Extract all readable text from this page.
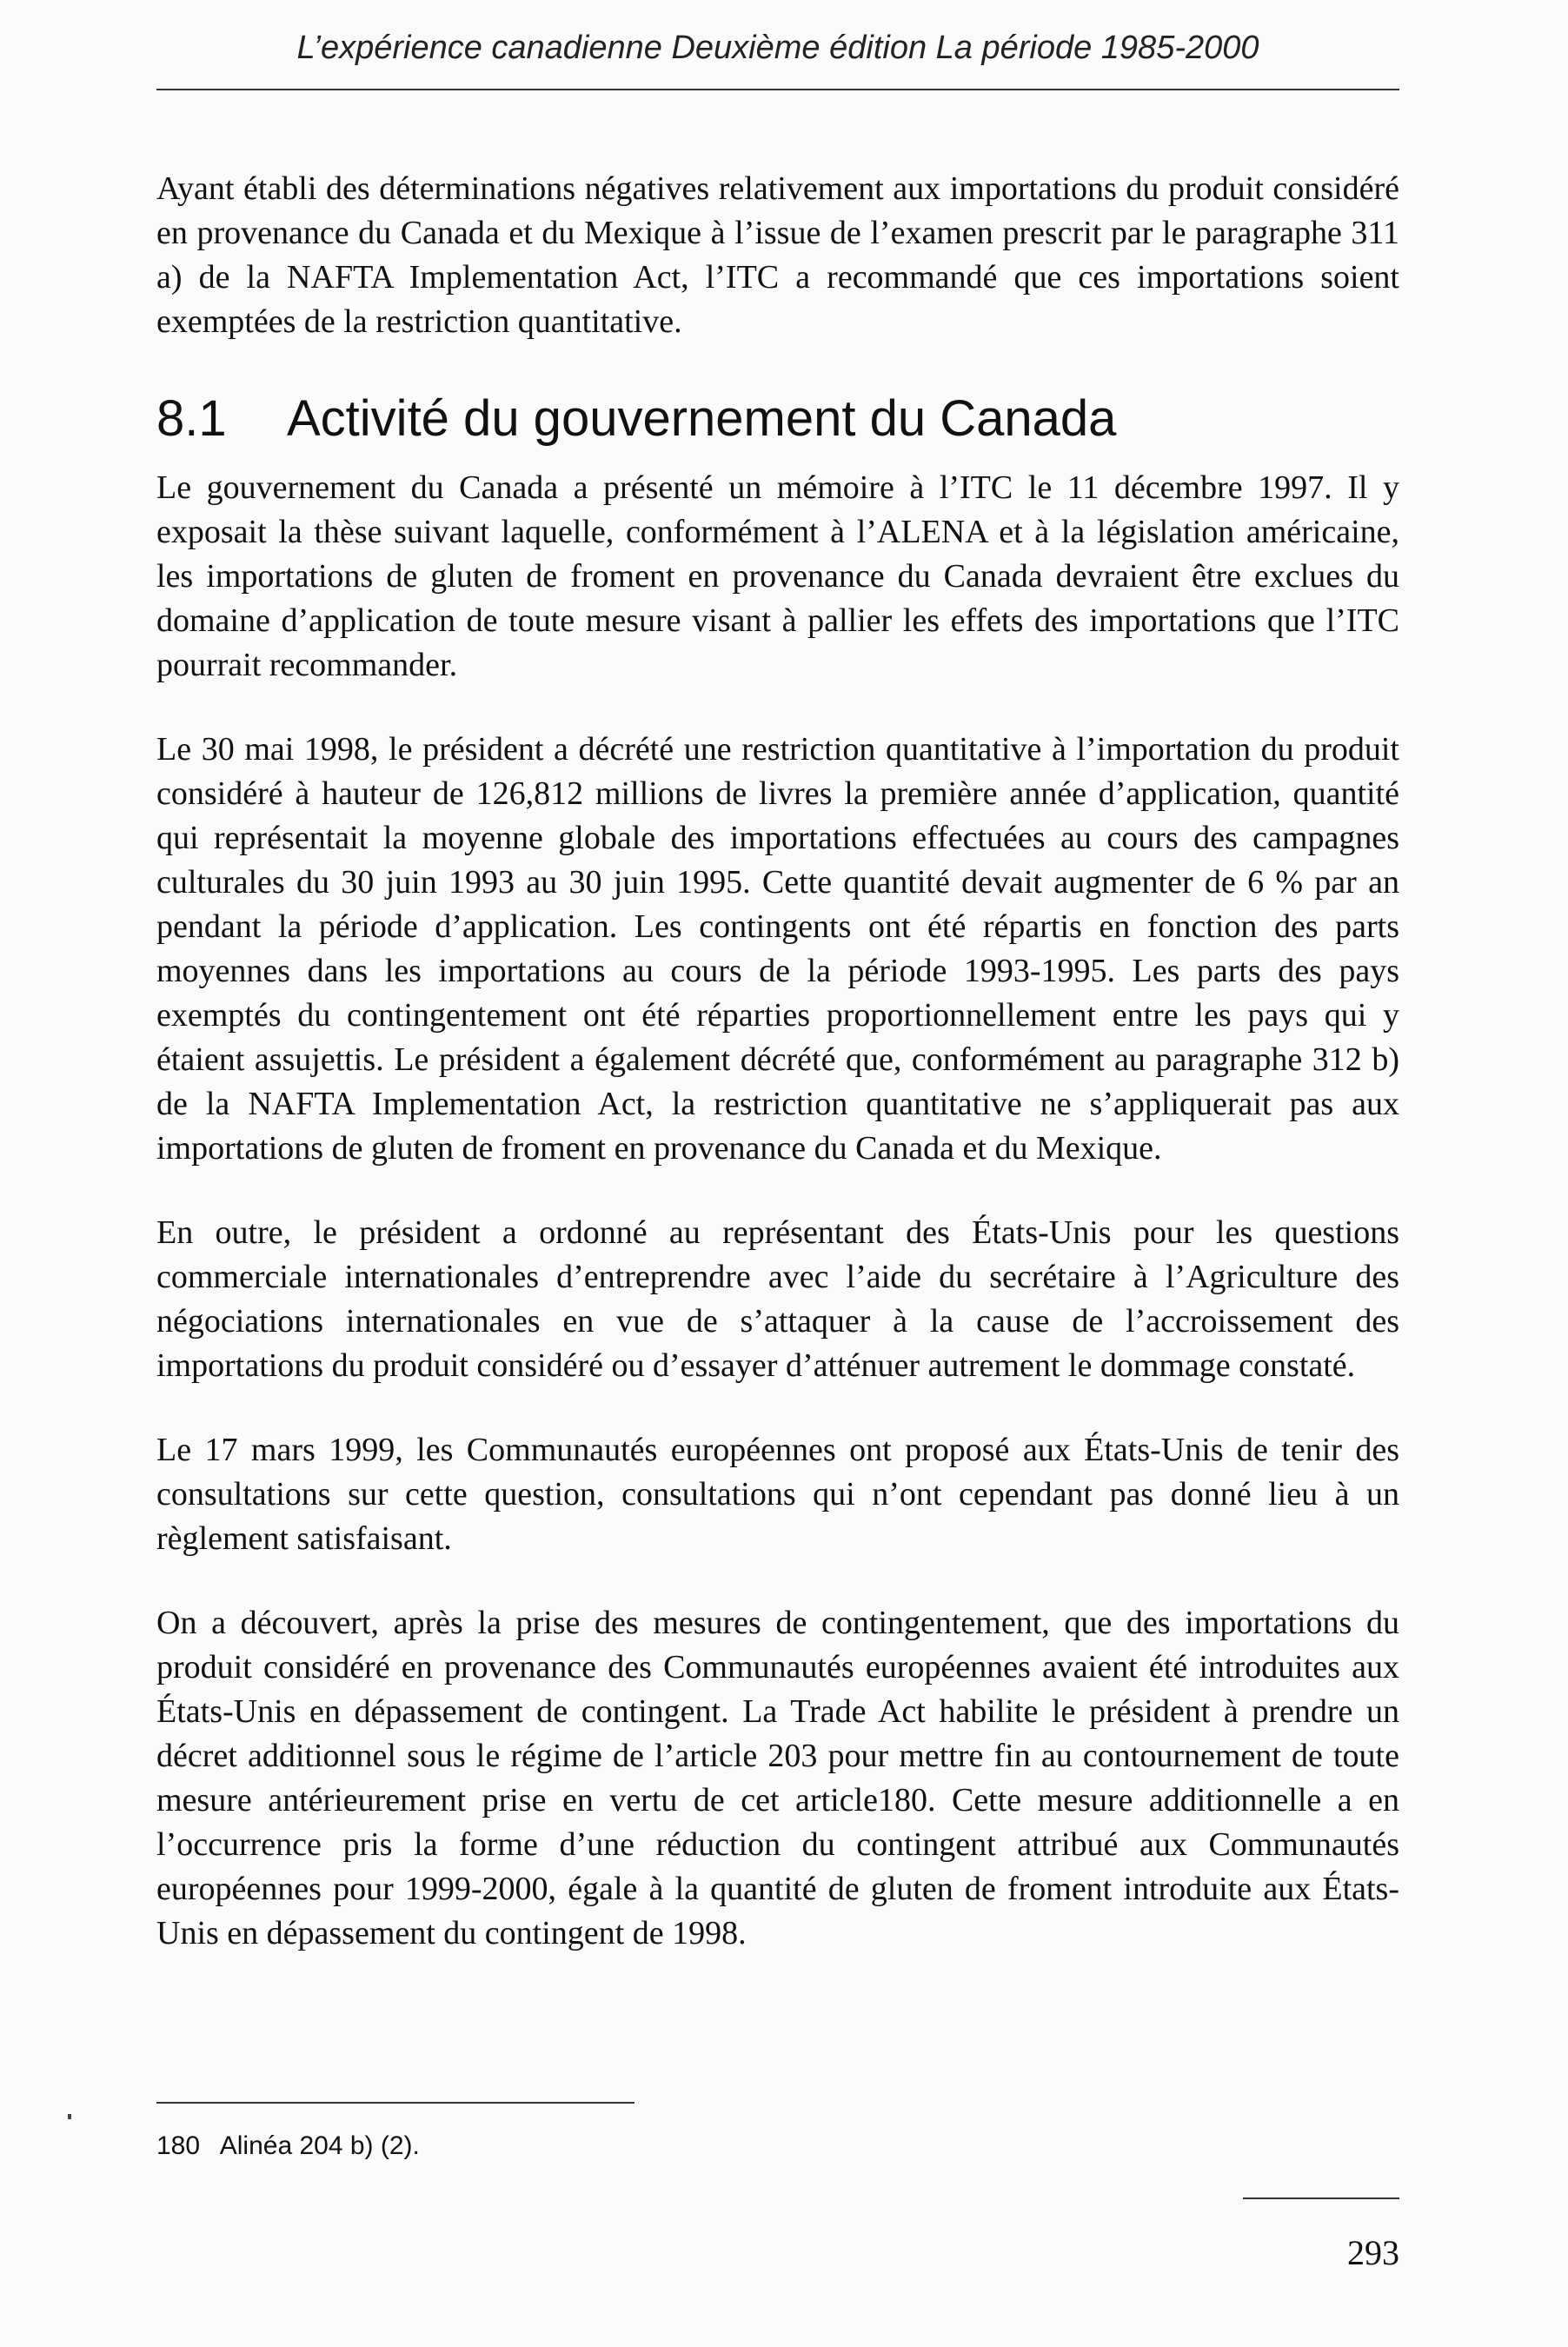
L’expérience canadienne Deuxième édition La période 1985-2000

Ayant établi des déterminations négatives relativement aux importations du produit considéré en provenance du Canada et du Mexique à l’issue de l’examen prescrit par le paragraphe 311 a) de la NAFTA Implementation Act, l’ITC a recommandé que ces importations soient exemptées de la restriction quantitative.

8.1	Activité du gouvernement du Canada

Le gouvernement du Canada a présenté un mémoire à l’ITC le 11 décembre 1997. Il y exposait la thèse suivant laquelle, conformément à l’ALENA et à la législation américaine, les importations de gluten de froment en provenance du Canada devraient être exclues du domaine d’application de toute mesure visant à pallier les effets des importations que l’ITC pourrait recommander.

Le 30 mai 1998, le président a décrété une restriction quantitative à l’importation du produit considéré à hauteur de 126,812 millions de livres la première année d’application, quantité qui représentait la moyenne globale des importations effectuées au cours des campagnes culturales du 30 juin 1993 au 30 juin 1995. Cette quantité devait augmenter de 6 % par an pendant la période d’application. Les contingents ont été répartis en fonction des parts moyennes dans les importations au cours de la période 1993-1995. Les parts des pays exemptés du contingentement ont été réparties proportionnellement entre les pays qui y étaient assujettis. Le président a également décrété que, conformément au paragraphe 312 b) de la NAFTA Implementation Act, la restriction quantitative ne s’appliquerait pas aux importations de gluten de froment en provenance du Canada et du Mexique.

En outre, le président a ordonné au représentant des États-Unis pour les questions commerciale internationales d’entreprendre avec l’aide du secrétaire à l’Agriculture des négociations internationales en vue de s’attaquer à la cause de l’accroissement des importations du produit considéré ou d’essayer d’atténuer autrement le dommage constaté.

Le 17 mars 1999, les Communautés européennes ont proposé aux États-Unis de tenir des consultations sur cette question, consultations qui n’ont cependant pas donné lieu à un règlement satisfaisant.

On a découvert, après la prise des mesures de contingentement, que des importations du produit considéré en provenance des Communautés européennes avaient été introduites aux États-Unis en dépassement de contingent. La Trade Act habilite le président à prendre un décret additionnel sous le régime de l’article 203 pour mettre fin au contournement de toute mesure antérieurement prise en vertu de cet article180. Cette mesure additionnelle a en l’occurrence pris la forme d’une réduction du contingent attribué aux Communautés européennes pour 1999-2000, égale à la quantité de gluten de froment introduite aux États-Unis en dépassement du contingent de 1998.

180 Alinéa 204 b) (2).
293
